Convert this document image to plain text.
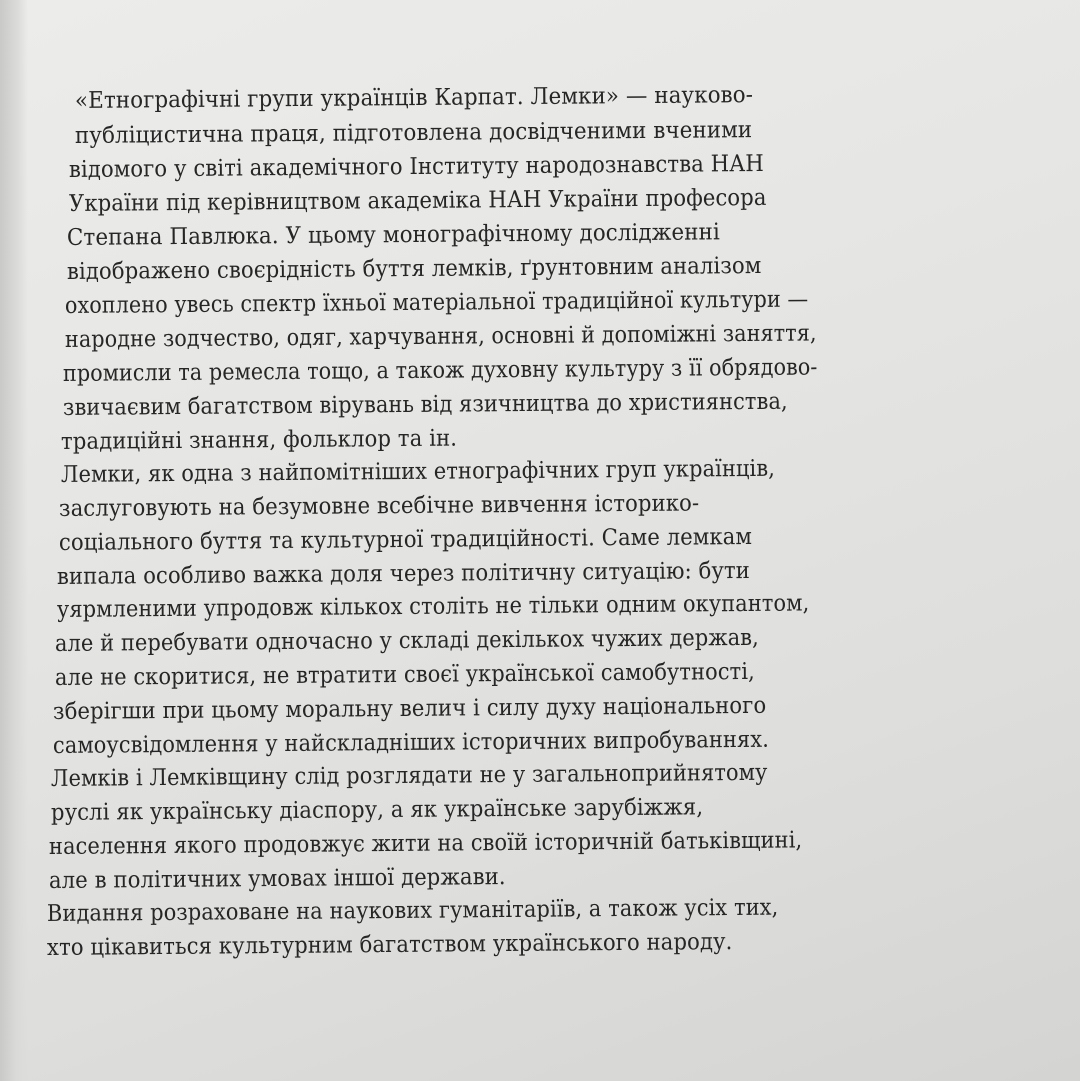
«Етнографічні групи українців Карпат. Лемки» — науково-
публіцистична праця, підготовлена досвідченими вченими
відомого у світі академічного Інституту народознавства НАН
України під керівництвом академіка НАН України професора
Степана Павлюка. У цьому монографічному дослідженні
відображено своєрідність буття лемків, ґрунтовним аналізом
охоплено увесь спектр їхньої матеріальної традиційної культури —
народне зодчество, одяг, харчування, основні й допоміжні заняття,
промисли та ремесла тощо, а також духовну культуру з її обрядово-
звичаєвим багатством вірувань від язичництва до християнства,
традиційні знання, фольклор та ін.
Лемки, як одна з найпомітніших етнографічних груп українців,
заслуговують на безумовне всебічне вивчення історико-
соціального буття та культурної традиційності. Саме лемкам
випала особливо важка доля через політичну ситуацію: бути
уярмленими упродовж кількох століть не тільки одним окупантом,
але й перебувати одночасно у складі декількох чужих держав,
але не скоритися, не втратити своєї української самобутності,
зберігши при цьому моральну велич і силу духу національного
самоусвідомлення у найскладніших історичних випробуваннях.
Лемків і Лемківщину слід розглядати не у загальноприйнятому
руслі як українську діаспору, а як українське зарубіжжя,
населення якого продовжує жити на своїй історичній батьківщині,
але в політичних умовах іншої держави.
Видання розраховане на наукових гуманітаріїв, а також усіх тих,
хто цікавиться культурним багатством українського народу.
